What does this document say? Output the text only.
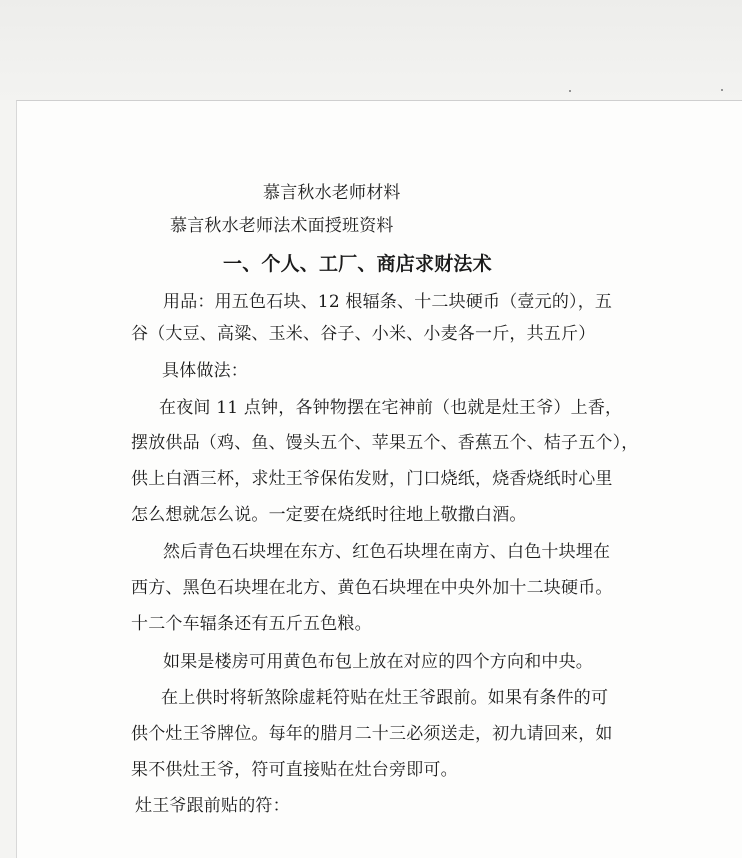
慕言秋水老师材料
慕言秋水老师法术面授班资料
一、个人、工厂、商店求财法术
用品：用五色石块、12 根辐条、十二块硬币（壹元的），五
谷（大豆、高粱、玉米、谷子、小米、小麦各一斤，共五斤）
具体做法：
在夜间 11 点钟，各钟物摆在宅神前（也就是灶王爷）上香，
摆放供品（鸡、鱼、馒头五个、苹果五个、香蕉五个、桔子五个），
供上白酒三杯，求灶王爷保佑发财，门口烧纸，烧香烧纸时心里
怎么想就怎么说。一定要在烧纸时往地上敬撒白酒。
然后青色石块埋在东方、红色石块埋在南方、白色十块埋在
西方、黑色石块埋在北方、黄色石块埋在中央外加十二块硬币。
十二个车辐条还有五斤五色粮。
如果是楼房可用黄色布包上放在对应的四个方向和中央。
在上供时将斩煞除虚耗符贴在灶王爷跟前。如果有条件的可
供个灶王爷牌位。每年的腊月二十三必须送走，初九请回来，如
果不供灶王爷，符可直接贴在灶台旁即可。
灶王爷跟前贴的符：
